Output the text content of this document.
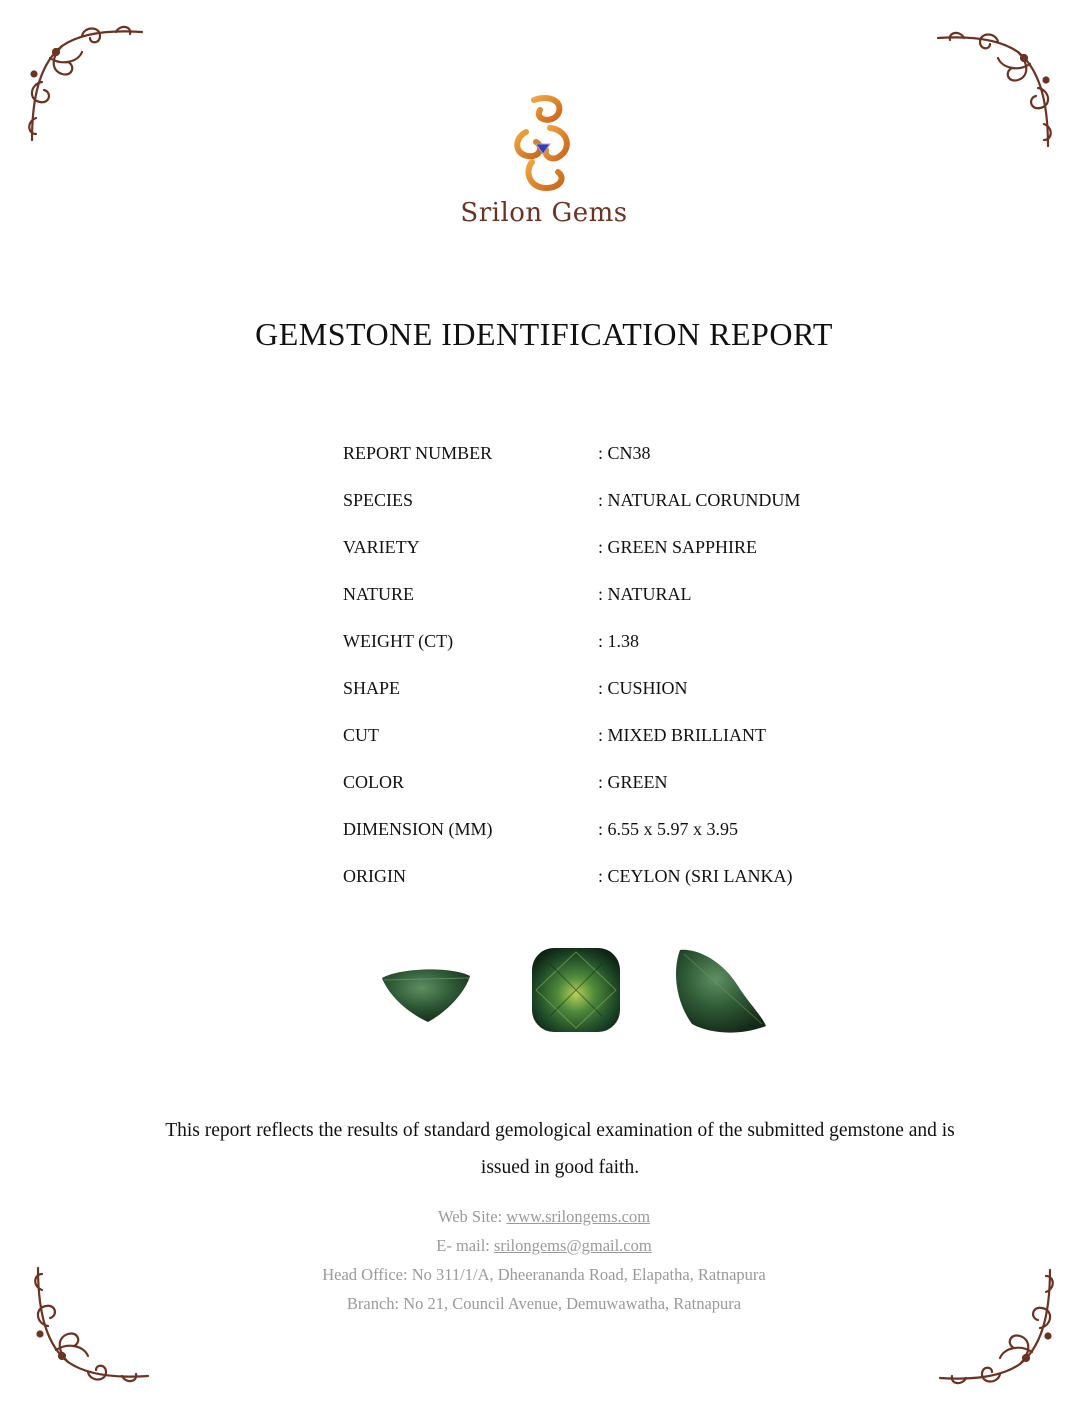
Srilon Gems
GEMSTONE IDENTIFICATION REPORT
REPORT NUMBER	: CN38
SPECIES	: NATURAL CORUNDUM
VARIETY	: GREEN SAPPHIRE
NATURE	: NATURAL
WEIGHT (CT)	: 1.38
SHAPE	: CUSHION
CUT	: MIXED BRILLIANT
COLOR	: GREEN
DIMENSION (MM)	: 6.55 x 5.97 x 3.95
ORIGIN	: CEYLON (SRI LANKA)
This report reflects the results of standard gemological examination of the submitted gemstone and is issued in good faith.
Web Site: www.srilongems.com
E- mail: srilongems@gmail.com
Head Office: No 311/1/A, Dheerananda Road, Elapatha, Ratnapura
Branch: No 21, Council Avenue, Demuwawatha, Ratnapura
